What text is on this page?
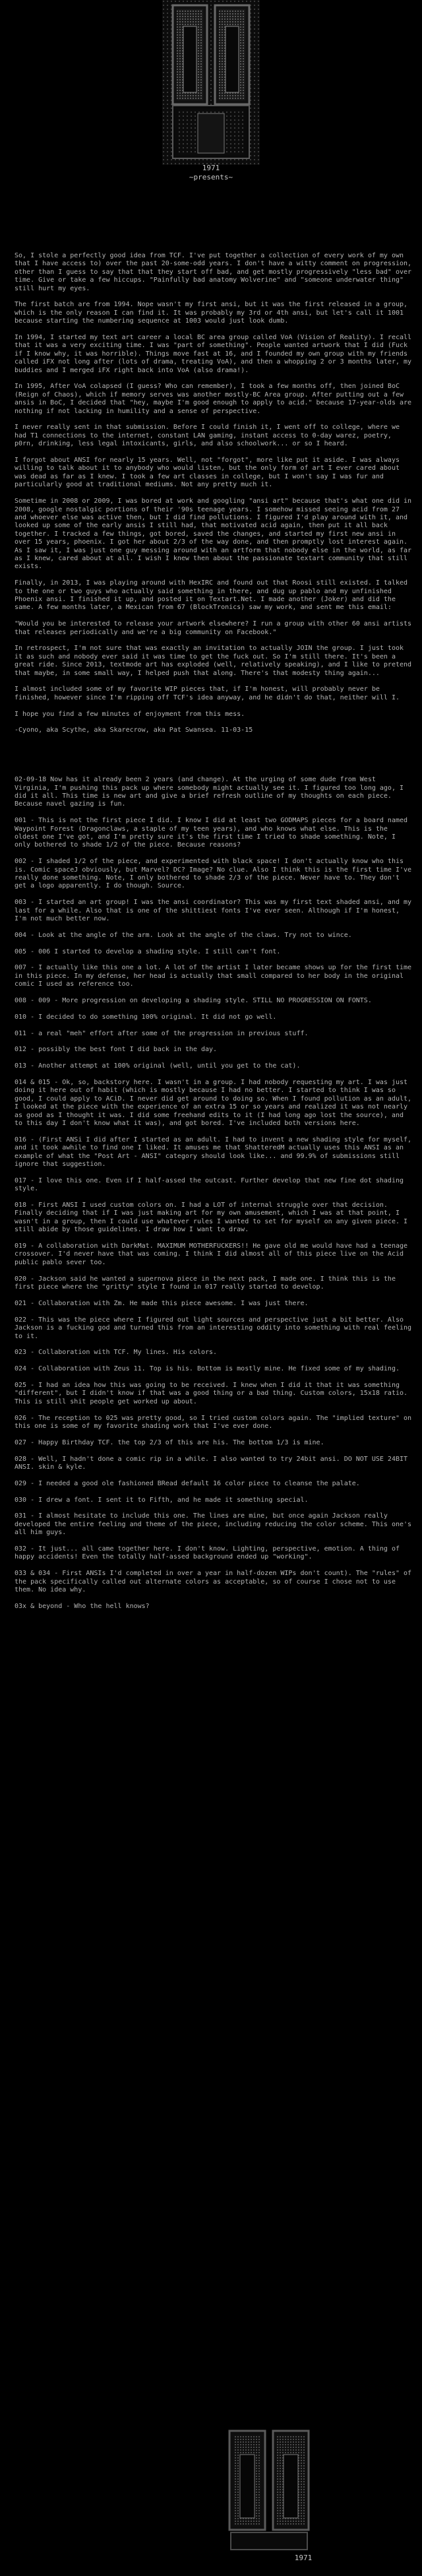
1971
~presents~

So, I stole a perfectly good idea from TCF. I've put together a collection of every work of my own that I have access to) over the past 20-some-odd years. I don't have a witty comment on progression, other than I guess to say that that they start off bad, and get mostly progressively "less bad" over time. Give or take a few hiccups. "Painfully bad anatomy Wolverine" and "someone underwater thing" still hurt my eyes.

The first batch are from 1994. Nope wasn't my first ansi, but it was the first released in a group, which is the only reason I can find it. It was probably my 3rd or 4th ansi, but let's call it 1001 because starting the numbering sequence at 1003 would just look dumb.

In 1994, I started my text art career a local BC area group called VoA (Vision of Reality). I recall that it was a very exciting time. I was "part of something". People wanted artwork that I did (Fuck if I know why, it was horrible). Things move fast at 16, and I founded my own group with my friends called iFX not long after (lots of drama, treating VoA), and then a whopping 2 or 3 months later, my buddies and I merged iFX right back into VoA (also drama!).

In 1995, After VoA colapsed (I guess? Who can remember), I took a few months off, then joined BoC (Reign of Chaos), which if memory serves was another mostly-BC Area group. After putting out a few ansis in BoC, I decided that "hey, maybe I'm good enough to apply to acid." because 17-year-olds are nothing if not lacking in humility and a sense of perspective.

I never really sent in that submission. Before I could finish it, I went off to college, where we had T1 connections to the internet, constant LAN gaming, instant access to 0-day warez, poetry, p0rn, drinking, less legal intoxicants, girls, and also schoolwork... or so I heard.

I forgot about ANSI for nearly 15 years. Well, not "forgot", more like put it aside. I was always willing to talk about it to anybody who would listen, but the only form of art I ever cared about was dead as far as I knew. I took a few art classes in college, but I won't say I was fur and particularly good at traditional mediums. Not any pretty much it.

Sometime in 2008 or 2009, I was bored at work and googling "ansi art" because that's what one did in 2008, google nostalgic portions of their '90s teenage years. I somehow missed seeing acid from 27 and whoever else was active then, but I did find pollutions. I figured I'd play around with it, and looked up some of the early ansis I still had, that motivated acid again, then put it all back together. I tracked a few things, got bored, saved the changes, and started my first new ansi in over 15 years, phoenix. I got her about 2/3 of the way done, and then promptly lost interest again. As I saw it, I was just one guy messing around with an artform that nobody else in the world, as far as I knew, cared about at all. I wish I knew then about the passionate textart community that still exists.

Finally, in 2013, I was playing around with HexIRC and found out that Roosi still existed. I talked to the one or two guys who actually said something in there, and dug up pablo and my unfinished Phoenix ansi. I finished it up, and posted it on Textart.Net. I made another (Joker) and did the same. A few months later, a Mexican from 67 (BlockTronics) saw my work, and sent me this email:

"Would you be interested to release your artwork elsewhere? I run a group with other 60 ansi artists that releases periodically and we're a big community on Facebook."

In retrospect, I'm not sure that was exactly an invitation to actually JOIN the group. I just took it as such and nobody ever said it was time to get the fuck out. So I'm still there. It's been a great ride. Since 2013, textmode art has exploded (well, relatively speaking), and I like to pretend that maybe, in some small way, I helped push that along. There's that modesty thing again...

I almost included some of my favorite WIP pieces that, if I'm honest, will probably never be finished, however since I'm ripping off TCF's idea anyway, and he didn't do that, neither will I.

I hope you find a few minutes of enjoyment from this mess.

-Cyono, aka Scythe, aka Skarecrow, aka Pat Swansea. 11-03-15

02-09-18 Now has it already been 2 years (and change). At the urging of some dude from West Virginia, I'm pushing this pack up where somebody might actually see it. I figured too long ago, I did it all. This time is new art and give a brief refresh outline of my thoughts on each piece. Because navel gazing is fun.

001 - This is not the first piece I did. I know I did at least two GODMAPS pieces for a board named Waypoint Forest (Dragonclaws, a staple of my teen years), and who knows what else. This is the oldest one I've got, and I'm pretty sure it's the first time I tried to shade something. Note, I only bothered to shade 1/2 of the piece. Because reasons?

002 - I shaded 1/2 of the piece, and experimented with black space! I don't actually know who this is. Comic spaceJ obviously, but Marvel? DC? Image? No clue. Also I think this is the first time I've really done something. Note, I only bothered to shade 2/3 of the piece. Never have to. They don't get a logo apparently. I do though. Source.

003 - I started an art group! I was the ansi coordinator? This was my first text shaded ansi, and my last for a while. Also that is one of the shittiest fonts I've ever seen. Although if I'm honest, I'm not much better now.

004 - Look at the angle of the arm. Look at the angle of the claws. Try not to wince.

005 - 006 I started to develop a shading style. I still can't font.

007 - I actually like this one a lot. A lot of the artist I later became shows up for the first time in this piece. In my defense, her head is actually that small compared to her body in the original comic I used as reference too.

008 - 009 - More progression on developing a shading style. STILL NO PROGRESSION ON FONTS.

010 - I decided to do something 100% original. It did not go well.

011 - a real "meh" effort after some of the progression in previous stuff.

012 - possibly the best font I did back in the day.

013 - Another attempt at 100% original (well, until you get to the cat).

014 & 015 - Ok, so, backstory here. I wasn't in a group. I had nobody requesting my art. I was just doing it here out of habit (which is mostly because I had no better. I started to think I was so good, I could apply to ACiD. I never did get around to doing so. When I found pollution as an adult, I looked at the piece with the experience of an extra 15 or so years and realized it was not nearly as good as I thought it was. I did some freehand edits to it (I had long ago lost the source), and to this day I don't know what it was), and got bored. I've included both versions here.

016 - (First ANSi I did after I started as an adult. I had to invent a new shading style for myself, and it took awhile to find one I liked. It amuses me that ShatteredM actually uses this ANSI as an example of what the "Post Art - ANSI" category should look like... and 99.9% of submissions still ignore that suggestion.

017 - I love this one. Even if I half-assed the outcast. Further develop that new fine dot shading style.

018 - First ANSI I used custom colors on. I had a LOT of internal struggle over that decision. Finally deciding that if I was just making art for my own amusement, which I was at that point, I wasn't in a group, then I could use whatever rules I wanted to set for myself on any given piece. I still abide by those guidelines. I draw how I want to draw.

019 - A collaboration with DarkMat. MAXIMUM MOTHERFUCKERS!! He gave old me would have had a teenage crossover. I'd never have that was coming. I think I did almost all of this piece live on the Acid public pablo sever too.

020 - Jackson said he wanted a supernova piece in the next pack, I made one. I think this is the first piece where the "gritty" style I found in 017 really started to develop.

021 - Collaboration with Zm. He made this piece awesome. I was just there.

022 - This was the piece where I figured out light sources and perspective just a bit better. Also Jackson is a fucking god and turned this from an interesting oddity into something with real feeling to it.

023 - Collaboration with TCF. My lines. His colors.

024 - Collaboration with Zeus 11. Top is his. Bottom is mostly mine. He fixed some of my shading.

025 - I had an idea how this was going to be received. I knew when I did it that it was something "different", but I didn't know if that was a good thing or a bad thing. Custom colors, 15x18 ratio. This is still shit people get worked up about.

026 - The reception to 025 was pretty good, so I tried custom colors again. The "implied texture" on this one is some of my favorite shading work that I've ever done.

027 - Happy Birthday TCF. the top 2/3 of this are his. The bottom 1/3 is mine.

028 - Well, I hadn't done a comic rip in a while. I also wanted to try 24bit ansi. DO NOT USE 24BIT ANSI. skin & kyle.

029 - I needed a good ole fashioned BRead default 16 color piece to cleanse the palate.

030 - I drew a font. I sent it to Fifth, and he made it something special.

031 - I almost hesitate to include this one. The lines are mine, but once again Jackson really developed the entire feeling and theme of the piece, including reducing the color scheme. This one's all him guys.

032 - It just... all came together here. I don't know. Lighting, perspective, emotion. A thing of happy accidents! Even the totally half-assed background ended up "working".

033 & 034 - First ANSIs I'd completed in over a year in half-dozen WIPs don't count). The "rules" of the pack specifically called out alternate colors as acceptable, so of course I chose not to use them. No idea why.

03x & beyond - Who the hell knows?

1971
